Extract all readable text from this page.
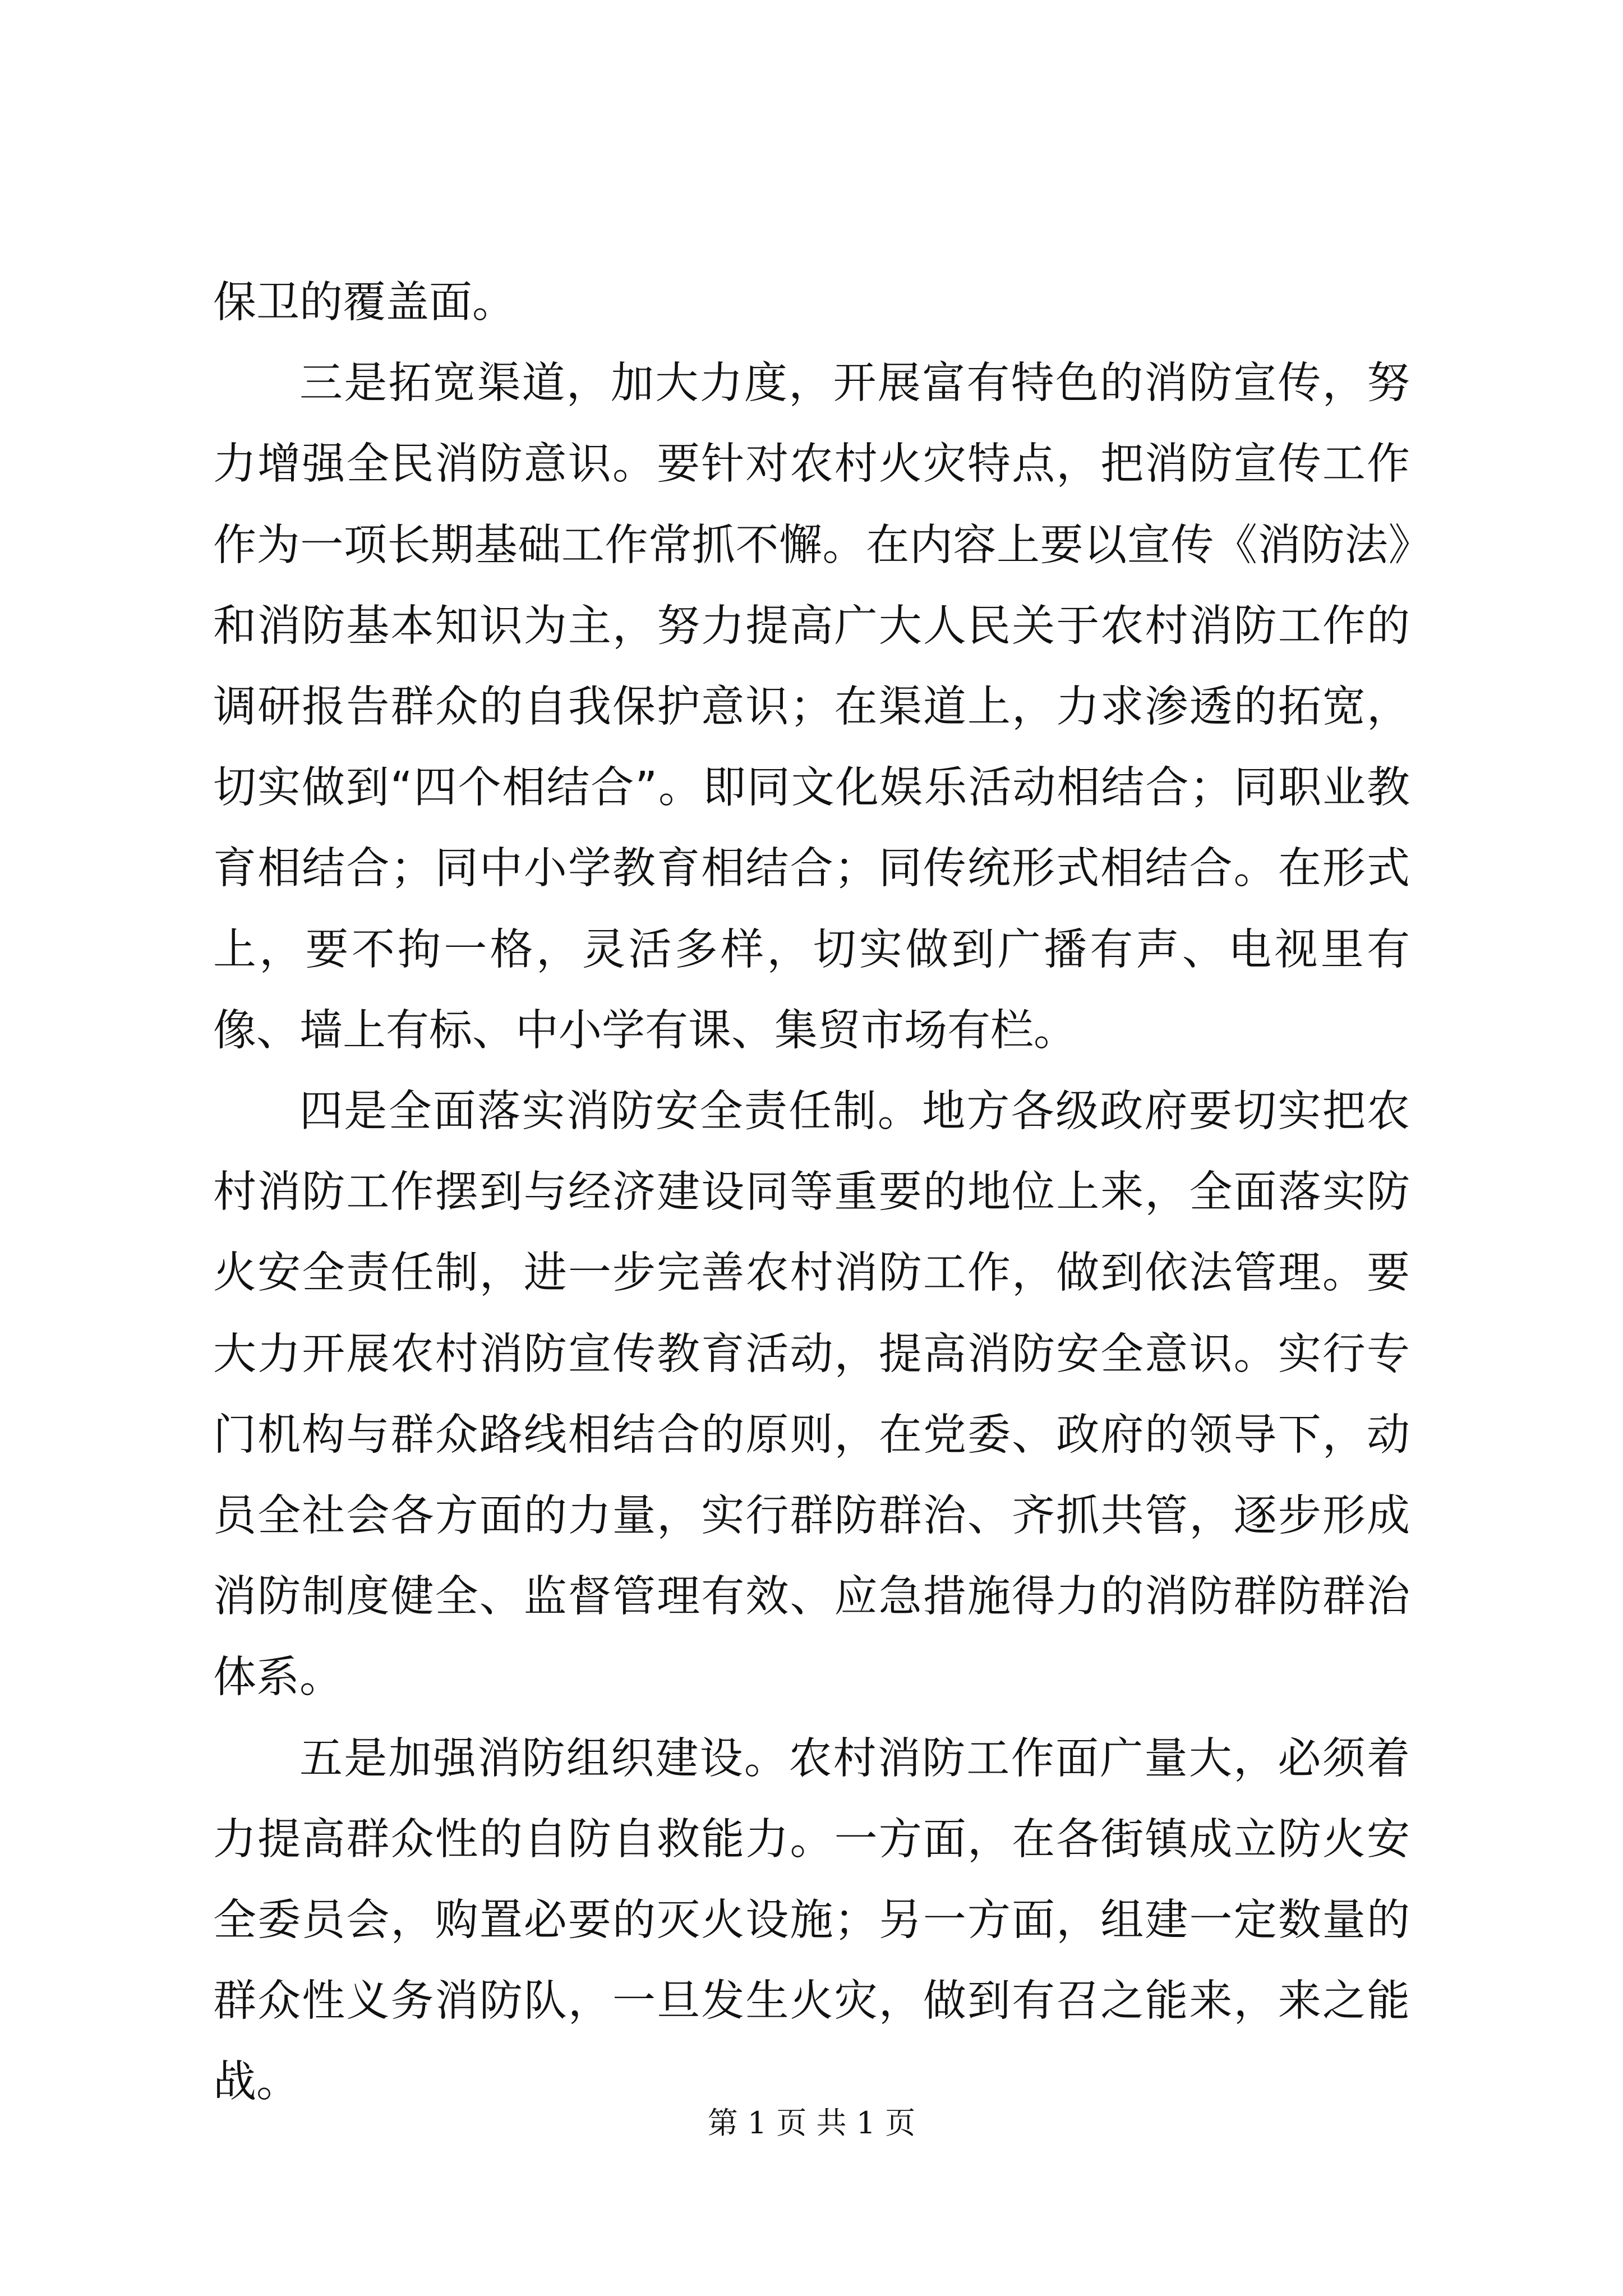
保卫的覆盖面。

三是拓宽渠道，加大力度，开展富有特色的消防宣传，努力增强全民消防意识。要针对农村火灾特点，把消防宣传工作作为一项长期基础工作常抓不懈。在内容上要以宣传《消防法》和消防基本知识为主，努力提高广大人民关于农村消防工作的调研报告群众的自我保护意识；在渠道上，力求渗透的拓宽，切实做到“四个相结合”。即同文化娱乐活动相结合；同职业教育相结合；同中小学教育相结合；同传统形式相结合。在形式上，要不拘一格，灵活多样，切实做到广播有声、电视里有像、墙上有标、中小学有课、集贸市场有栏。

四是全面落实消防安全责任制。地方各级政府要切实把农村消防工作摆到与经济建设同等重要的地位上来，全面落实防火安全责任制，进一步完善农村消防工作，做到依法管理。要大力开展农村消防宣传教育活动，提高消防安全意识。实行专门机构与群众路线相结合的原则，在党委、政府的领导下，动员全社会各方面的力量，实行群防群治、齐抓共管，逐步形成消防制度健全、监督管理有效、应急措施得力的消防群防群治体系。

五是加强消防组织建设。农村消防工作面广量大，必须着力提高群众性的自防自救能力。一方面，在各街镇成立防火安全委员会，购置必要的灭火设施；另一方面，组建一定数量的群众性义务消防队，一旦发生火灾，做到有召之能来，来之能战。

第 1 页 共 1 页
